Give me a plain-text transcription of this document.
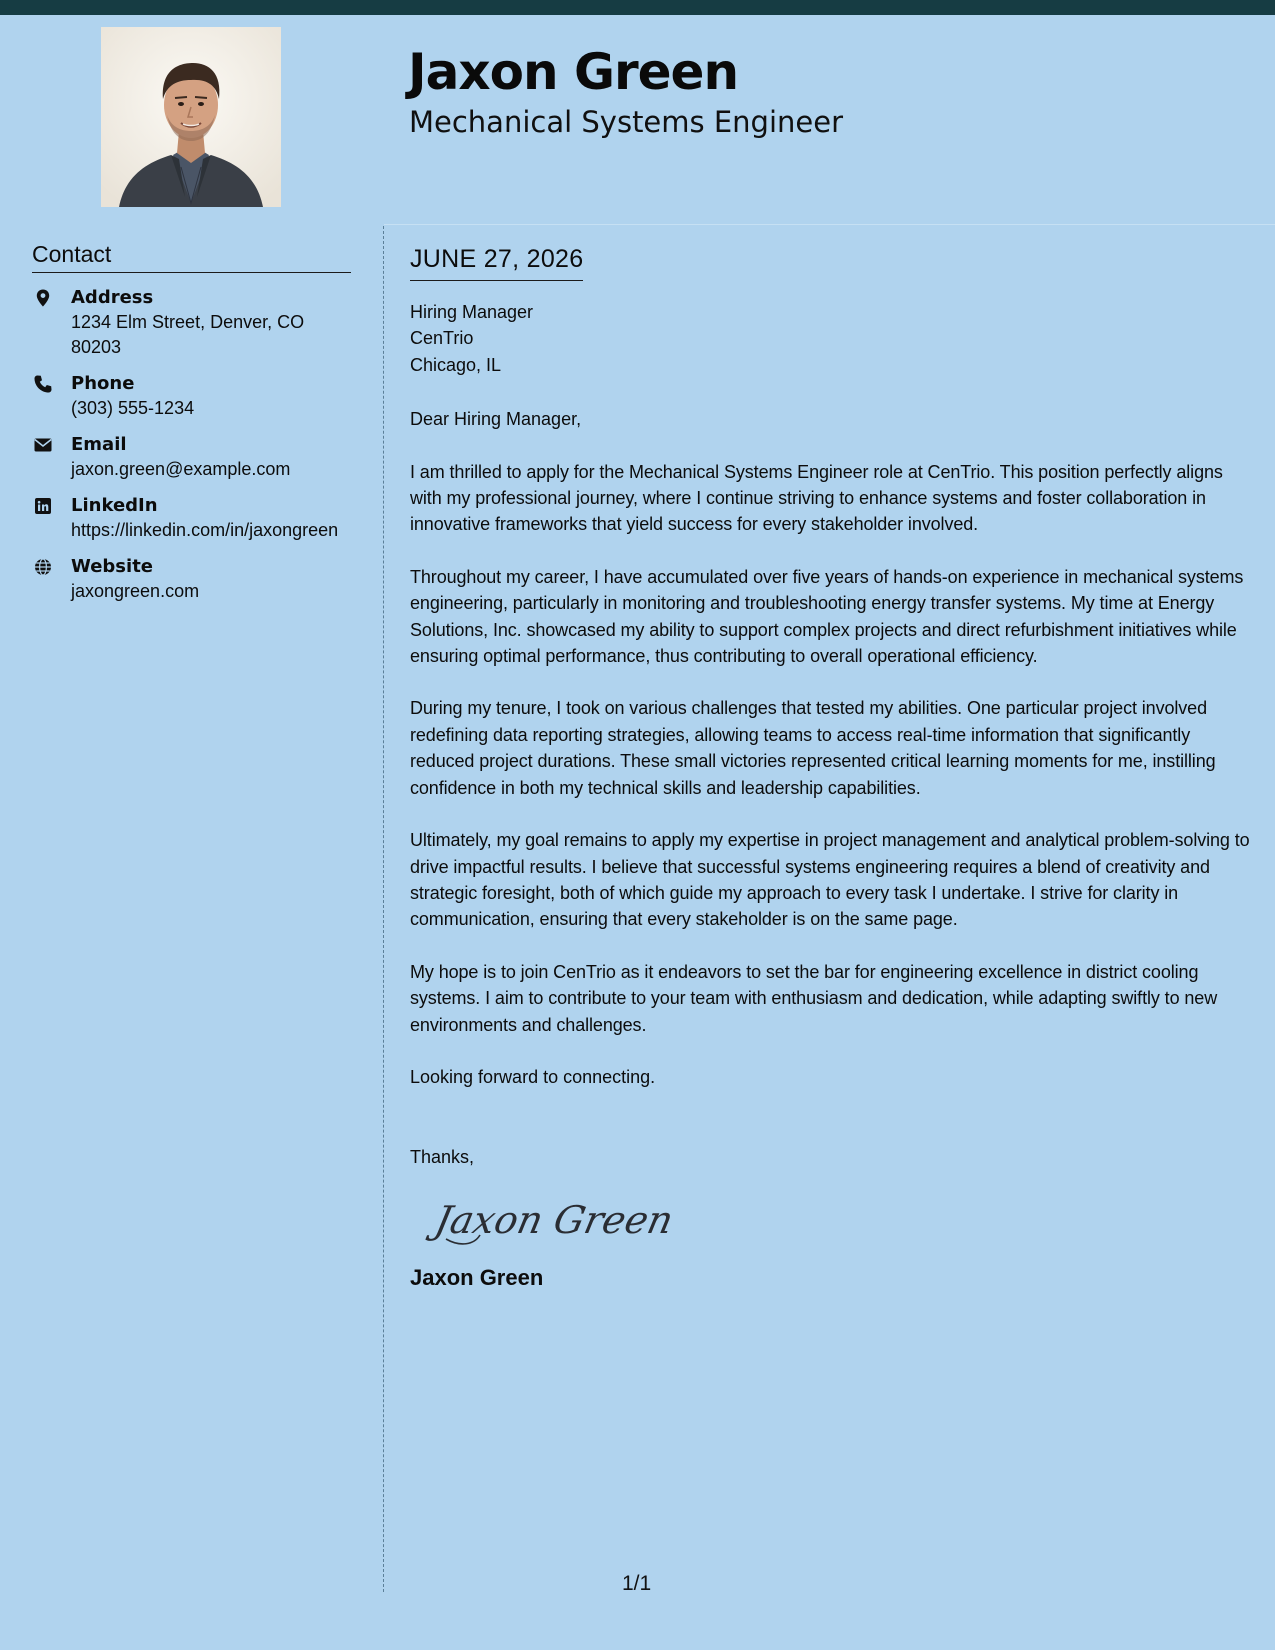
Jaxon Green
Mechanical Systems Engineer
Contact
Address
1234 Elm Street, Denver, CO 80203
Phone
(303) 555-1234
Email
jaxon.green@example.com
LinkedIn
https://linkedin.com/in/jaxongreen
Website
jaxongreen.com
JUNE 27, 2026
Hiring Manager
CenTrio
Chicago, IL
Dear Hiring Manager,

I am thrilled to apply for the Mechanical Systems Engineer role at CenTrio. This position perfectly aligns with my professional journey, where I continue striving to enhance systems and foster collaboration in innovative frameworks that yield success for every stakeholder involved.

Throughout my career, I have accumulated over five years of hands-on experience in mechanical systems engineering, particularly in monitoring and troubleshooting energy transfer systems. My time at Energy Solutions, Inc. showcased my ability to support complex projects and direct refurbishment initiatives while ensuring optimal performance, thus contributing to overall operational efficiency.

During my tenure, I took on various challenges that tested my abilities. One particular project involved redefining data reporting strategies, allowing teams to access real-time information that significantly reduced project durations. These small victories represented critical learning moments for me, instilling confidence in both my technical skills and leadership capabilities.

Ultimately, my goal remains to apply my expertise in project management and analytical problem-solving to drive impactful results. I believe that successful systems engineering requires a blend of creativity and strategic foresight, both of which guide my approach to every task I undertake. I strive for clarity in communication, ensuring that every stakeholder is on the same page.

My hope is to join CenTrio as it endeavors to set the bar for engineering excellence in district cooling systems. I aim to contribute to your team with enthusiasm and dedication, while adapting swiftly to new environments and challenges.

Looking forward to connecting.
Thanks,
Jaxon Green
Jaxon Green
1/1
